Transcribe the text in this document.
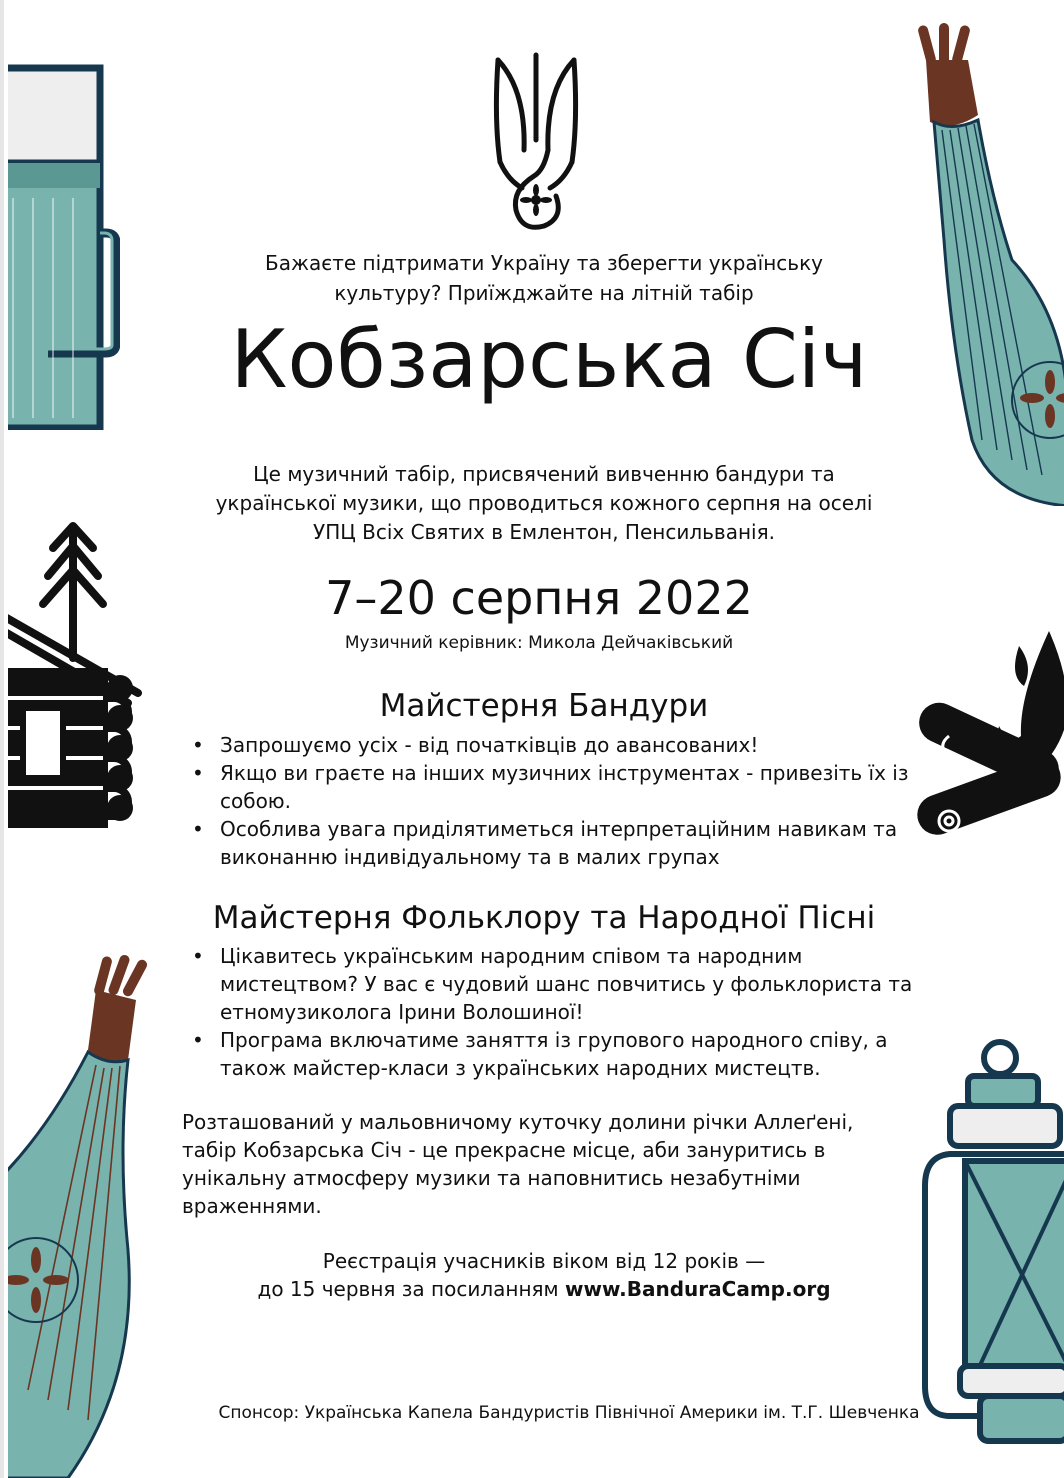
Бажаєте підтримати Україну та зберегти українську
культуру? Приїжджайте на літній табір
Кобзарська Січ
Це музичний табір, присвячений вивченню бандури та
української музики, що проводиться кожного серпня на оселі
УПЦ Всіх Святих в Емлентон, Пенсильванія.
7–20 серпня 2022
Музичний керівник: Микола Дейчаківський
Майстерня Бандури
• Запрошуємо усіх - від початківців до авансованих!
• Якщо ви граєте на інших музичних інструментах - привезіть їх із собою.
• Особлива увага приділятиметься інтерпретаційним навикам та виконанню індивідуальному та в малих групах
Майстерня Фольклору та Народної Пісні
• Цікавитесь українським народним співом та народним мистецтвом? У вас є чудовий шанс повчитись у фольклориста та етномузиколога Ірини Волошиної!
• Програма включатиме заняття із групового народного співу, а також майстер-класи з українських народних мистецтв.
Розташований у мальовничому куточку долини річки Аллеґені, табір Кобзарська Січ - це прекрасне місце, аби зануритись в унікальну атмосферу музики та наповнитись незабутніми враженнями.
Реєстрація учасників віком від 12 років —
до 15 червня за посиланням www.BanduraCamp.org
Спонсор: Українська Капела Бандуристів Північної Америки ім. Т.Г. Шевченка
